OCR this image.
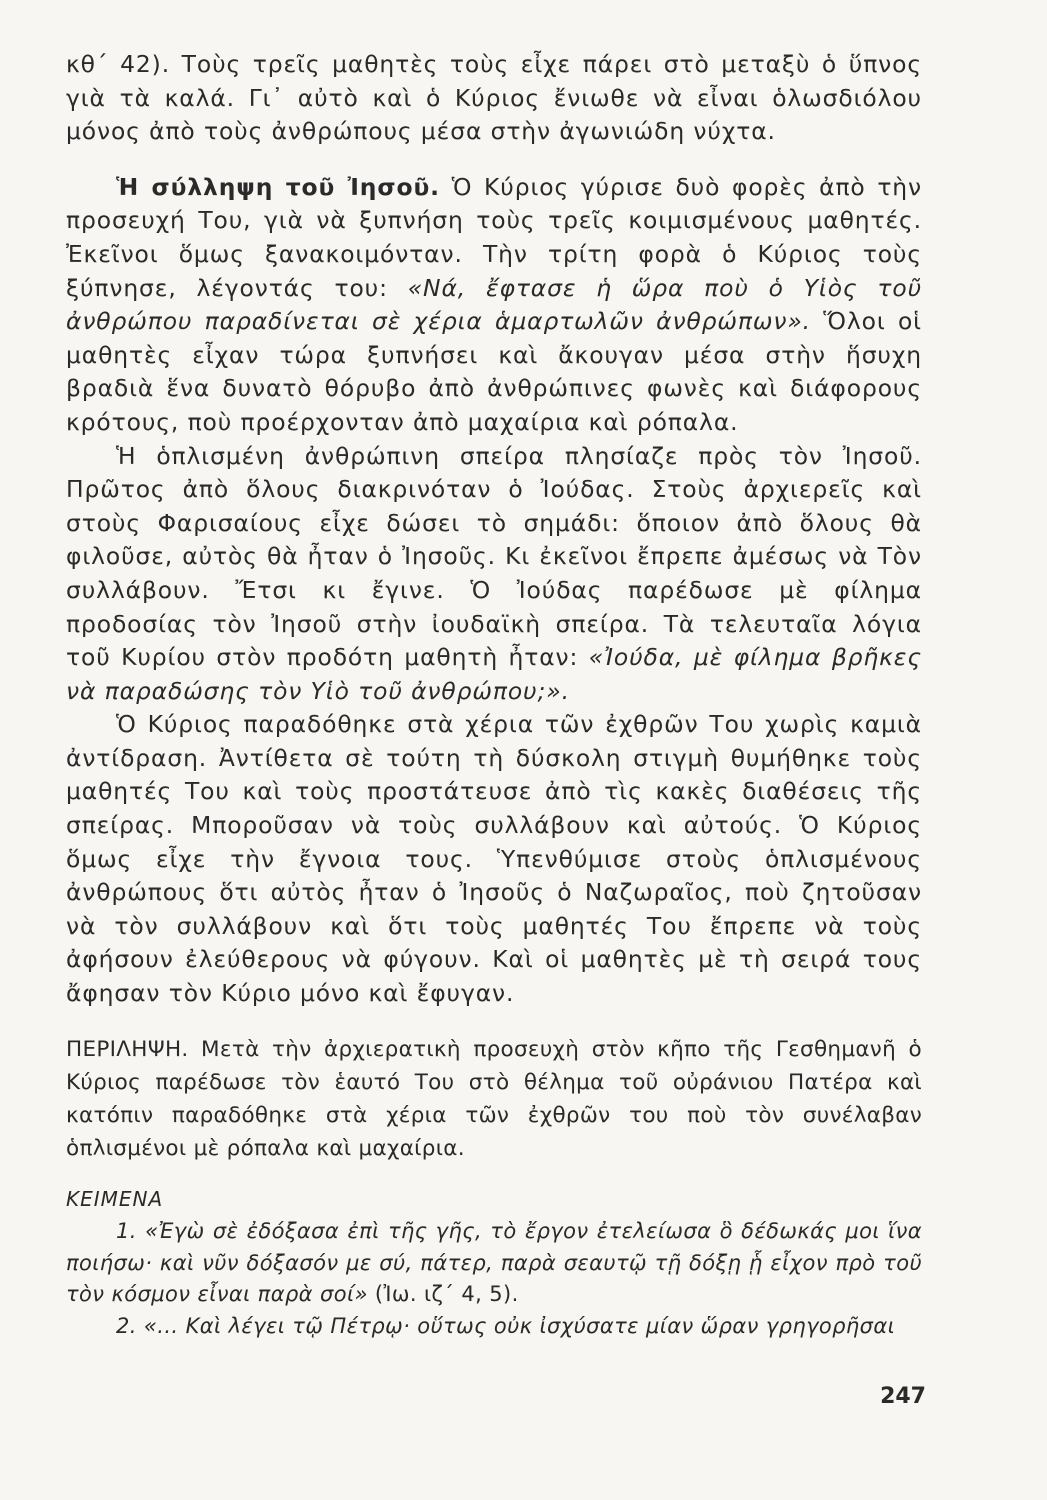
κθ΄ 42). Τοὺς τρεῖς μαθητὲς τοὺς εἶχε πάρει στὸ μεταξὺ ὁ ὕπνος γιὰ τὰ καλά. Γι᾽ αὐτὸ καὶ ὁ Κύριος ἔνιωθε νὰ εἶναι ὁλωσδιόλου μόνος ἀπὸ τοὺς ἀνθρώπους μέσα στὴν ἀγωνιώδη νύχτα.

Ἡ σύλληψη τοῦ Ἰησοῦ. Ὁ Κύριος γύρισε δυὸ φορὲς ἀπὸ τὴν προσευχή Του, γιὰ νὰ ξυπνήση τοὺς τρεῖς κοιμισμένους μαθητές. Ἐκεῖνοι ὅμως ξανακοιμόνταν. Τὴν τρίτη φορὰ ὁ Κύριος τοὺς ξύπνησε, λέγοντάς του: «Νά, ἔφτασε ἡ ὥρα ποὺ ὁ Υἱὸς τοῦ ἀνθρώπου παραδίνεται σὲ χέρια ἁμαρτωλῶν ἀνθρώπων». Ὅλοι οἱ μαθητὲς εἶχαν τώρα ξυπνήσει καὶ ἄκουγαν μέσα στὴν ἥσυχη βραδιὰ ἕνα δυνατὸ θόρυβο ἀπὸ ἀνθρώπινες φωνὲς καὶ διάφορους κρότους, ποὺ προέρχονταν ἀπὸ μαχαίρια καὶ ρόπαλα.

Ἡ ὁπλισμένη ἀνθρώπινη σπείρα πλησίαζε πρὸς τὸν Ἰησοῦ. Πρῶτος ἀπὸ ὅλους διακρινόταν ὁ Ἰούδας. Στοὺς ἀρχιερεῖς καὶ στοὺς Φαρισαίους εἶχε δώσει τὸ σημάδι: ὅποιον ἀπὸ ὅλους θὰ φιλοῦσε, αὐτὸς θὰ ἦταν ὁ Ἰησοῦς. Κι ἐκεῖνοι ἔπρεπε ἀμέσως νὰ Τὸν συλλάβουν. Ἔτσι κι ἔγινε. Ὁ Ἰούδας παρέδωσε μὲ φίλημα προδοσίας τὸν Ἰησοῦ στὴν ἰουδαϊκὴ σπείρα. Τὰ τελευταῖα λόγια τοῦ Κυρίου στὸν προδότη μαθητὴ ἦταν: «Ἰούδα, μὲ φίλημα βρῆκες νὰ παραδώσης τὸν Υἱὸ τοῦ ἀνθρώπου;».

Ὁ Κύριος παραδόθηκε στὰ χέρια τῶν ἐχθρῶν Του χωρὶς καμιὰ ἀντίδραση. Ἀντίθετα σὲ τούτη τὴ δύσκολη στιγμὴ θυμήθηκε τοὺς μαθητές Του καὶ τοὺς προστάτευσε ἀπὸ τὶς κακὲς διαθέσεις τῆς σπείρας. Μποροῦσαν νὰ τοὺς συλλάβουν καὶ αὐτούς. Ὁ Κύριος ὅμως εἶχε τὴν ἔγνοια τους. Ὑπενθύμισε στοὺς ὁπλισμένους ἀνθρώπους ὅτι αὐτὸς ἦταν ὁ Ἰησοῦς ὁ Ναζωραῖος, ποὺ ζητοῦσαν νὰ τὸν συλλάβουν καὶ ὅτι τοὺς μαθητές Του ἔπρεπε νὰ τοὺς ἀφήσουν ἐλεύθερους νὰ φύγουν. Καὶ οἱ μαθητὲς μὲ τὴ σειρά τους ἄφησαν τὸν Κύριο μόνο καὶ ἔφυγαν.

ΠΕΡΙΛΗΨΗ. Μετὰ τὴν ἀρχιερατικὴ προσευχὴ στὸν κῆπο τῆς Γεσθημανῆ ὁ Κύριος παρέδωσε τὸν ἑαυτό Του στὸ θέλημα τοῦ οὐράνιου Πατέρα καὶ κατόπιν παραδόθηκε στὰ χέρια τῶν ἐχθρῶν του ποὺ τὸν συνέλαβαν ὁπλισμένοι μὲ ρόπαλα καὶ μαχαίρια.

ΚΕΙΜΕΝΑ

1. «Ἐγὼ σὲ ἐδόξασα ἐπὶ τῆς γῆς, τὸ ἔργον ἐτελείωσα ὃ δέδωκάς μοι ἵνα ποιήσω· καὶ νῦν δόξασόν με σύ, πάτερ, παρὰ σεαυτῷ τῇ δόξῃ ᾗ εἶχον πρὸ τοῦ τὸν κόσμον εἶναι παρὰ σοί» (Ἰω. ιζ΄ 4, 5).

2. «... Καὶ λέγει τῷ Πέτρῳ· οὕτως οὐκ ἰσχύσατε μίαν ὥραν γρηγορῆσαι

247
